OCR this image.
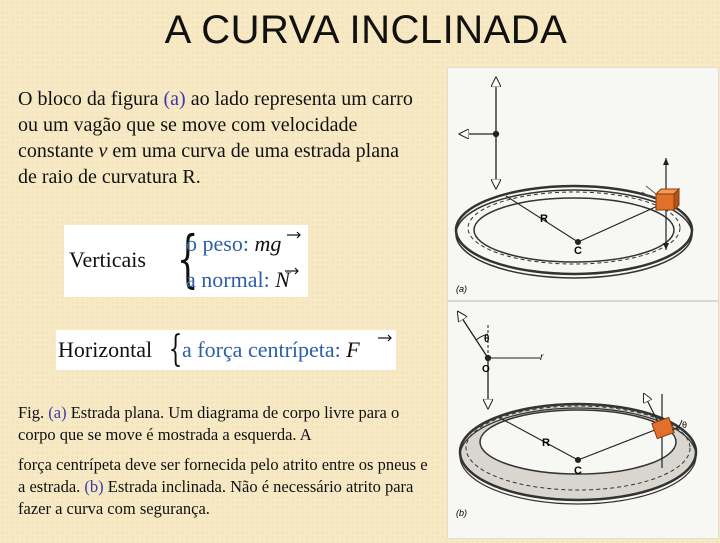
A CURVA INCLINADA
O bloco da figura (a) ao lado representa um carro ou um vagão que se move com velocidade constante v em uma curva de uma estrada plana de raio de curvatura R.
Verticais {
o peso: mg
a normal: N
Horizontal { a força centrípeta: F

Fig. (a) Estrada plana. Um diagrama de corpo livre para o corpo que se move é mostrada a esquerda. A

força centrípeta deve ser fornecida pelo atrito entre os pneus e a estrada. (b) Estrada inclinada. Não é necessário atrito para fazer a curva com segurança.

R
C
(a)
θ
O
r
R
C
θ
(b)
